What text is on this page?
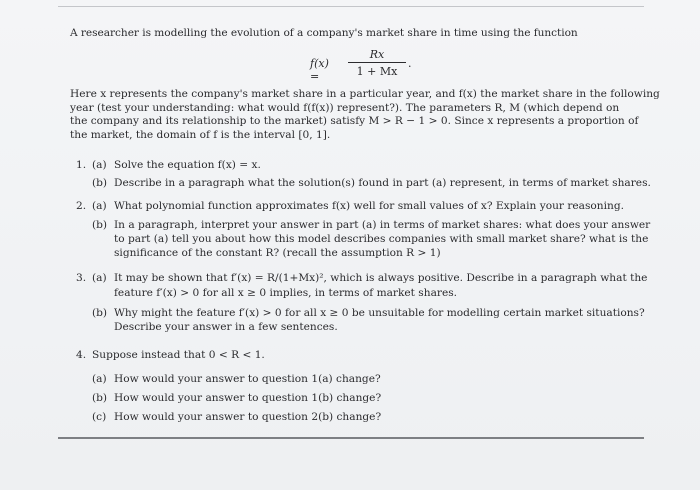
A researcher is modelling the evolution of a company's market share in time using the function
f(x) =
Rx
1 + Mx
.
Here x represents the company's market share in a particular year, and f(x) the market share in the following
year (test your understanding: what would f(f(x)) represent?). The parameters R, M (which depend on
the company and its relationship to the market) satisfy M > R − 1 > 0. Since x represents a proportion of
the market, the domain of f is the interval [0, 1].
1. (a) Solve the equation f(x) = x.
(b) Describe in a paragraph what the solution(s) found in part (a) represent, in terms of market shares.
2. (a) What polynomial function approximates f(x) well for small values of x? Explain your reasoning.
(b) In a paragraph, interpret your answer in part (a) in terms of market shares: what does your answer
to part (a) tell you about how this model describes companies with small market share? what is the
significance of the constant R? (recall the assumption R > 1)
3. (a) It may be shown that f′(x) = R/(1+Mx)², which is always positive. Describe in a paragraph what the
feature f′(x) > 0 for all x ≥ 0 implies, in terms of market shares.
(b) Why might the feature f′(x) > 0 for all x ≥ 0 be unsuitable for modelling certain market situations?
Describe your answer in a few sentences.
4. Suppose instead that 0 < R < 1.
(a) How would your answer to question 1(a) change?
(b) How would your answer to question 1(b) change?
(c) How would your answer to question 2(b) change?
